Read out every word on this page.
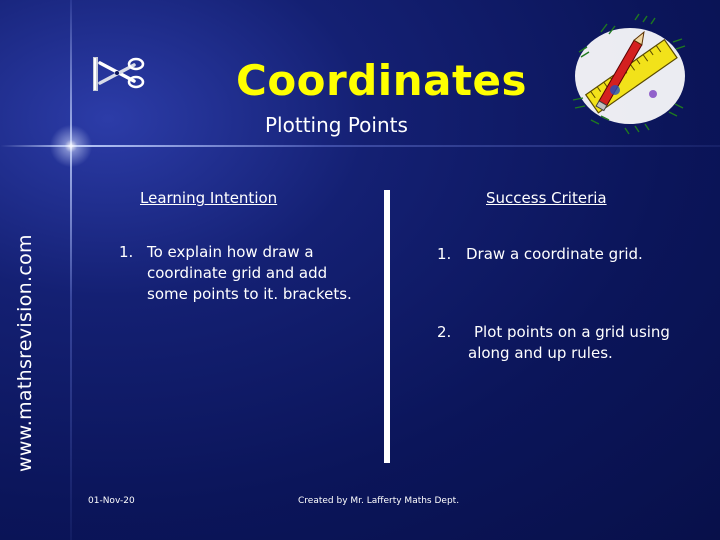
Coordinates
Plotting Points
www.mathsrevision.com
Learning Intention
1. To explain how draw a
coordinate grid and add
some points to it. brackets.
Success Criteria
1. Draw a coordinate grid.
2.	Plot points on a grid using
along and up rules.
01-Nov-20	Created by Mr. Lafferty Maths Dept.
